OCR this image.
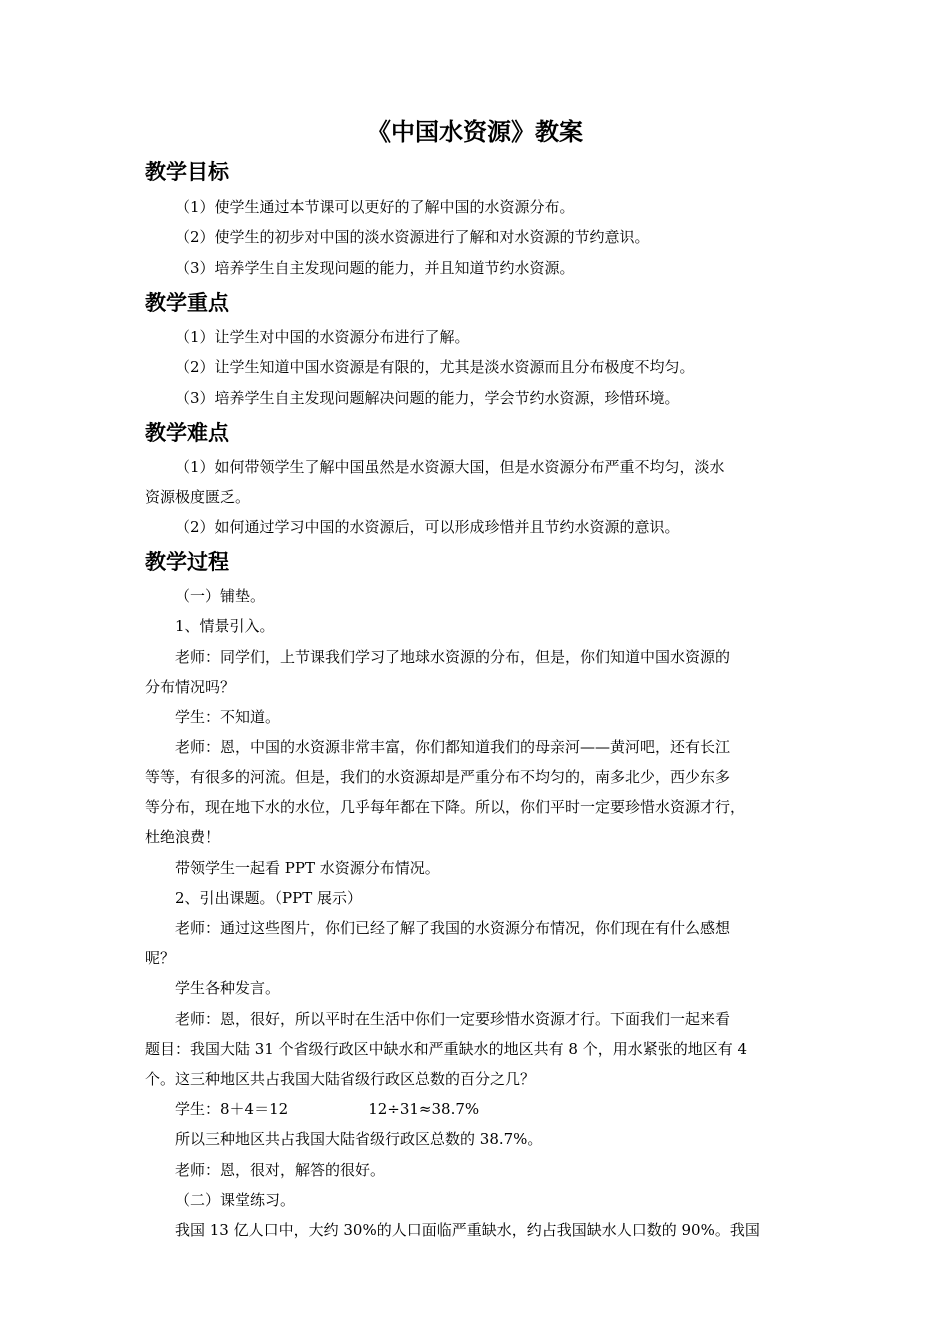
《中国水资源》教案
教学目标
（1）使学生通过本节课可以更好的了解中国的水资源分布。
（2）使学生的初步对中国的淡水资源进行了解和对水资源的节约意识。
（3）培养学生自主发现问题的能力，并且知道节约水资源。
教学重点
（1）让学生对中国的水资源分布进行了解。
（2）让学生知道中国水资源是有限的，尤其是淡水资源而且分布极度不均匀。
（3）培养学生自主发现问题解决问题的能力，学会节约水资源，珍惜环境。
教学难点
（1）如何带领学生了解中国虽然是水资源大国，但是水资源分布严重不均匀，淡水
资源极度匮乏。
（2）如何通过学习中国的水资源后，可以形成珍惜并且节约水资源的意识。
教学过程
（一）铺垫。
1、情景引入。
老师：同学们，上节课我们学习了地球水资源的分布，但是，你们知道中国水资源的
分布情况吗？
学生：不知道。
老师：恩，中国的水资源非常丰富，你们都知道我们的母亲河——黄河吧，还有长江
等等，有很多的河流。但是，我们的水资源却是严重分布不均匀的，南多北少，西少东多
等分布，现在地下水的水位，几乎每年都在下降。所以，你们平时一定要珍惜水资源才行，
杜绝浪费！
带领学生一起看 PPT 水资源分布情况。
2、引出课题。（PPT 展示）
老师：通过这些图片，你们已经了解了我国的水资源分布情况，你们现在有什么感想
呢？
学生各种发言。
老师：恩，很好，所以平时在生活中你们一定要珍惜水资源才行。下面我们一起来看
题目：我国大陆 31 个省级行政区中缺水和严重缺水的地区共有 8 个，用水紧张的地区有 4
个。这三种地区共占我国大陆省级行政区总数的百分之几？
学生：8＋4＝12	12÷31≈38.7%
所以三种地区共占我国大陆省级行政区总数的 38.7%。
老师：恩，很对，解答的很好。
（二）课堂练习。
我国 13 亿人口中，大约 30%的人口面临严重缺水，约占我国缺水人口数的 90%。我国
